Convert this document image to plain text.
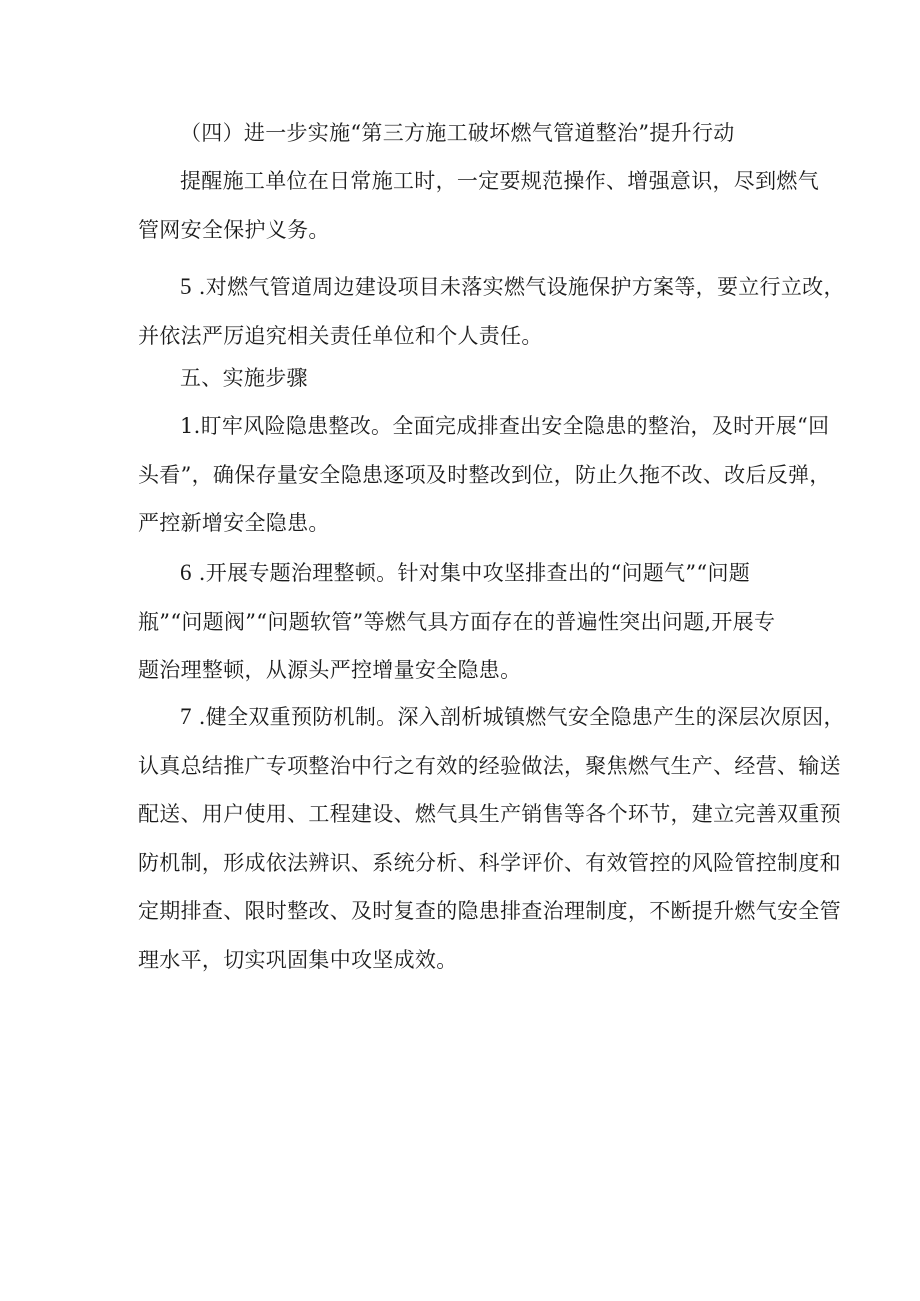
（四）进一步实施“第三方施工破坏燃气管道整治”提升行动

提醒施工单位在日常施工时，一定要规范操作、增强意识，尽到燃气
管网安全保护义务。

5 .对燃气管道周边建设项目未落实燃气设施保护方案等，要立行立改，
并依法严厉追究相关责任单位和个人责任。

五、实施步骤

1.盯牢风险隐患整改。全面完成排查出安全隐患的整治，及时开展“回
头看”，确保存量安全隐患逐项及时整改到位，防止久拖不改、改后反弹，
严控新增安全隐患。

6 .开展专题治理整顿。针对集中攻坚排查出的“问题气”“问题
瓶”“问题阀”“问题软管”等燃气具方面存在的普遍性突出问题,开展专
题治理整顿，从源头严控增量安全隐患。

7 .健全双重预防机制。深入剖析城镇燃气安全隐患产生的深层次原因，
认真总结推广专项整治中行之有效的经验做法，聚焦燃气生产、经营、输送
配送、用户使用、工程建设、燃气具生产销售等各个环节，建立完善双重预
防机制，形成依法辨识、系统分析、科学评价、有效管控的风险管控制度和
定期排查、限时整改、及时复查的隐患排查治理制度，不断提升燃气安全管
理水平，切实巩固集中攻坚成效。
